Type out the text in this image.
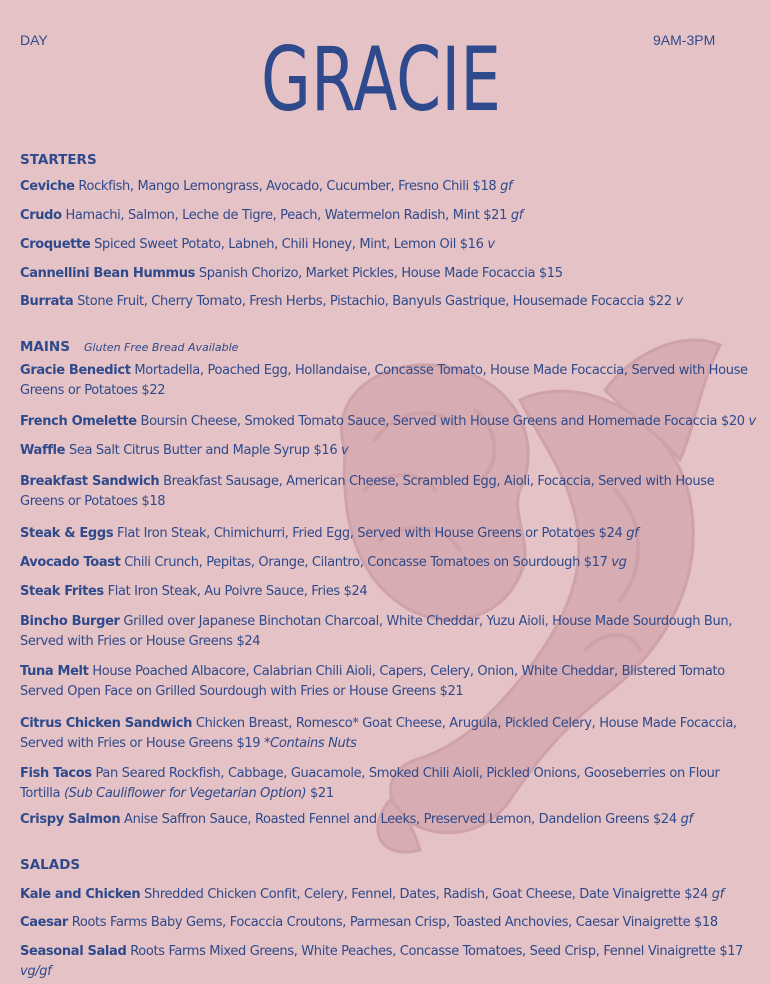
DAY	9AM-3PM
GRACIE
STARTERS
Ceviche Rockfish, Mango Lemongrass, Avocado, Cucumber, Fresno Chili $18 gf
Crudo Hamachi, Salmon, Leche de Tigre, Peach, Watermelon Radish, Mint $21 gf
Croquette Spiced Sweet Potato, Labneh, Chili Honey, Mint, Lemon Oil $16 v
Cannellini Bean Hummus Spanish Chorizo, Market Pickles, House Made Focaccia $15
Burrata Stone Fruit, Cherry Tomato, Fresh Herbs, Pistachio, Banyuls Gastrique, Housemade Focaccia $22 v
MAINS Gluten Free Bread Available
Gracie Benedict Mortadella, Poached Egg, Hollandaise, Concasse Tomato, House Made Focaccia, Served with House Greens or Potatoes $22
French Omelette Boursin Cheese, Smoked Tomato Sauce, Served with House Greens and Homemade Focaccia $20 v
Waffle Sea Salt Citrus Butter and Maple Syrup $16 v
Breakfast Sandwich Breakfast Sausage, American Cheese, Scrambled Egg, Aioli, Focaccia, Served with House Greens or Potatoes $18
Steak & Eggs Flat Iron Steak, Chimichurri, Fried Egg, Served with House Greens or Potatoes $24 gf
Avocado Toast Chili Crunch, Pepitas, Orange, Cilantro, Concasse Tomatoes on Sourdough $17 vg
Steak Frites Flat Iron Steak, Au Poivre Sauce, Fries $24
Bincho Burger Grilled over Japanese Binchotan Charcoal, White Cheddar, Yuzu Aioli, House Made Sourdough Bun, Served with Fries or House Greens $24
Tuna Melt House Poached Albacore, Calabrian Chili Aioli, Capers, Celery, Onion, White Cheddar, Blistered Tomato Served Open Face on Grilled Sourdough with Fries or House Greens $21
Citrus Chicken Sandwich Chicken Breast, Romesco* Goat Cheese, Arugula, Pickled Celery, House Made Focaccia, Served with Fries or House Greens $19 *Contains Nuts
Fish Tacos Pan Seared Rockfish, Cabbage, Guacamole, Smoked Chili Aioli, Pickled Onions, Gooseberries on Flour Tortilla (Sub Cauliflower for Vegetarian Option) $21
Crispy Salmon Anise Saffron Sauce, Roasted Fennel and Leeks, Preserved Lemon, Dandelion Greens $24 gf
SALADS
Kale and Chicken Shredded Chicken Confit, Celery, Fennel, Dates, Radish, Goat Cheese, Date Vinaigrette $24 gf
Caesar Roots Farms Baby Gems, Focaccia Croutons, Parmesan Crisp, Toasted Anchovies, Caesar Vinaigrette $18
Seasonal Salad Roots Farms Mixed Greens, White Peaches, Concasse Tomatoes, Seed Crisp, Fennel Vinaigrette $17 vg/gf
